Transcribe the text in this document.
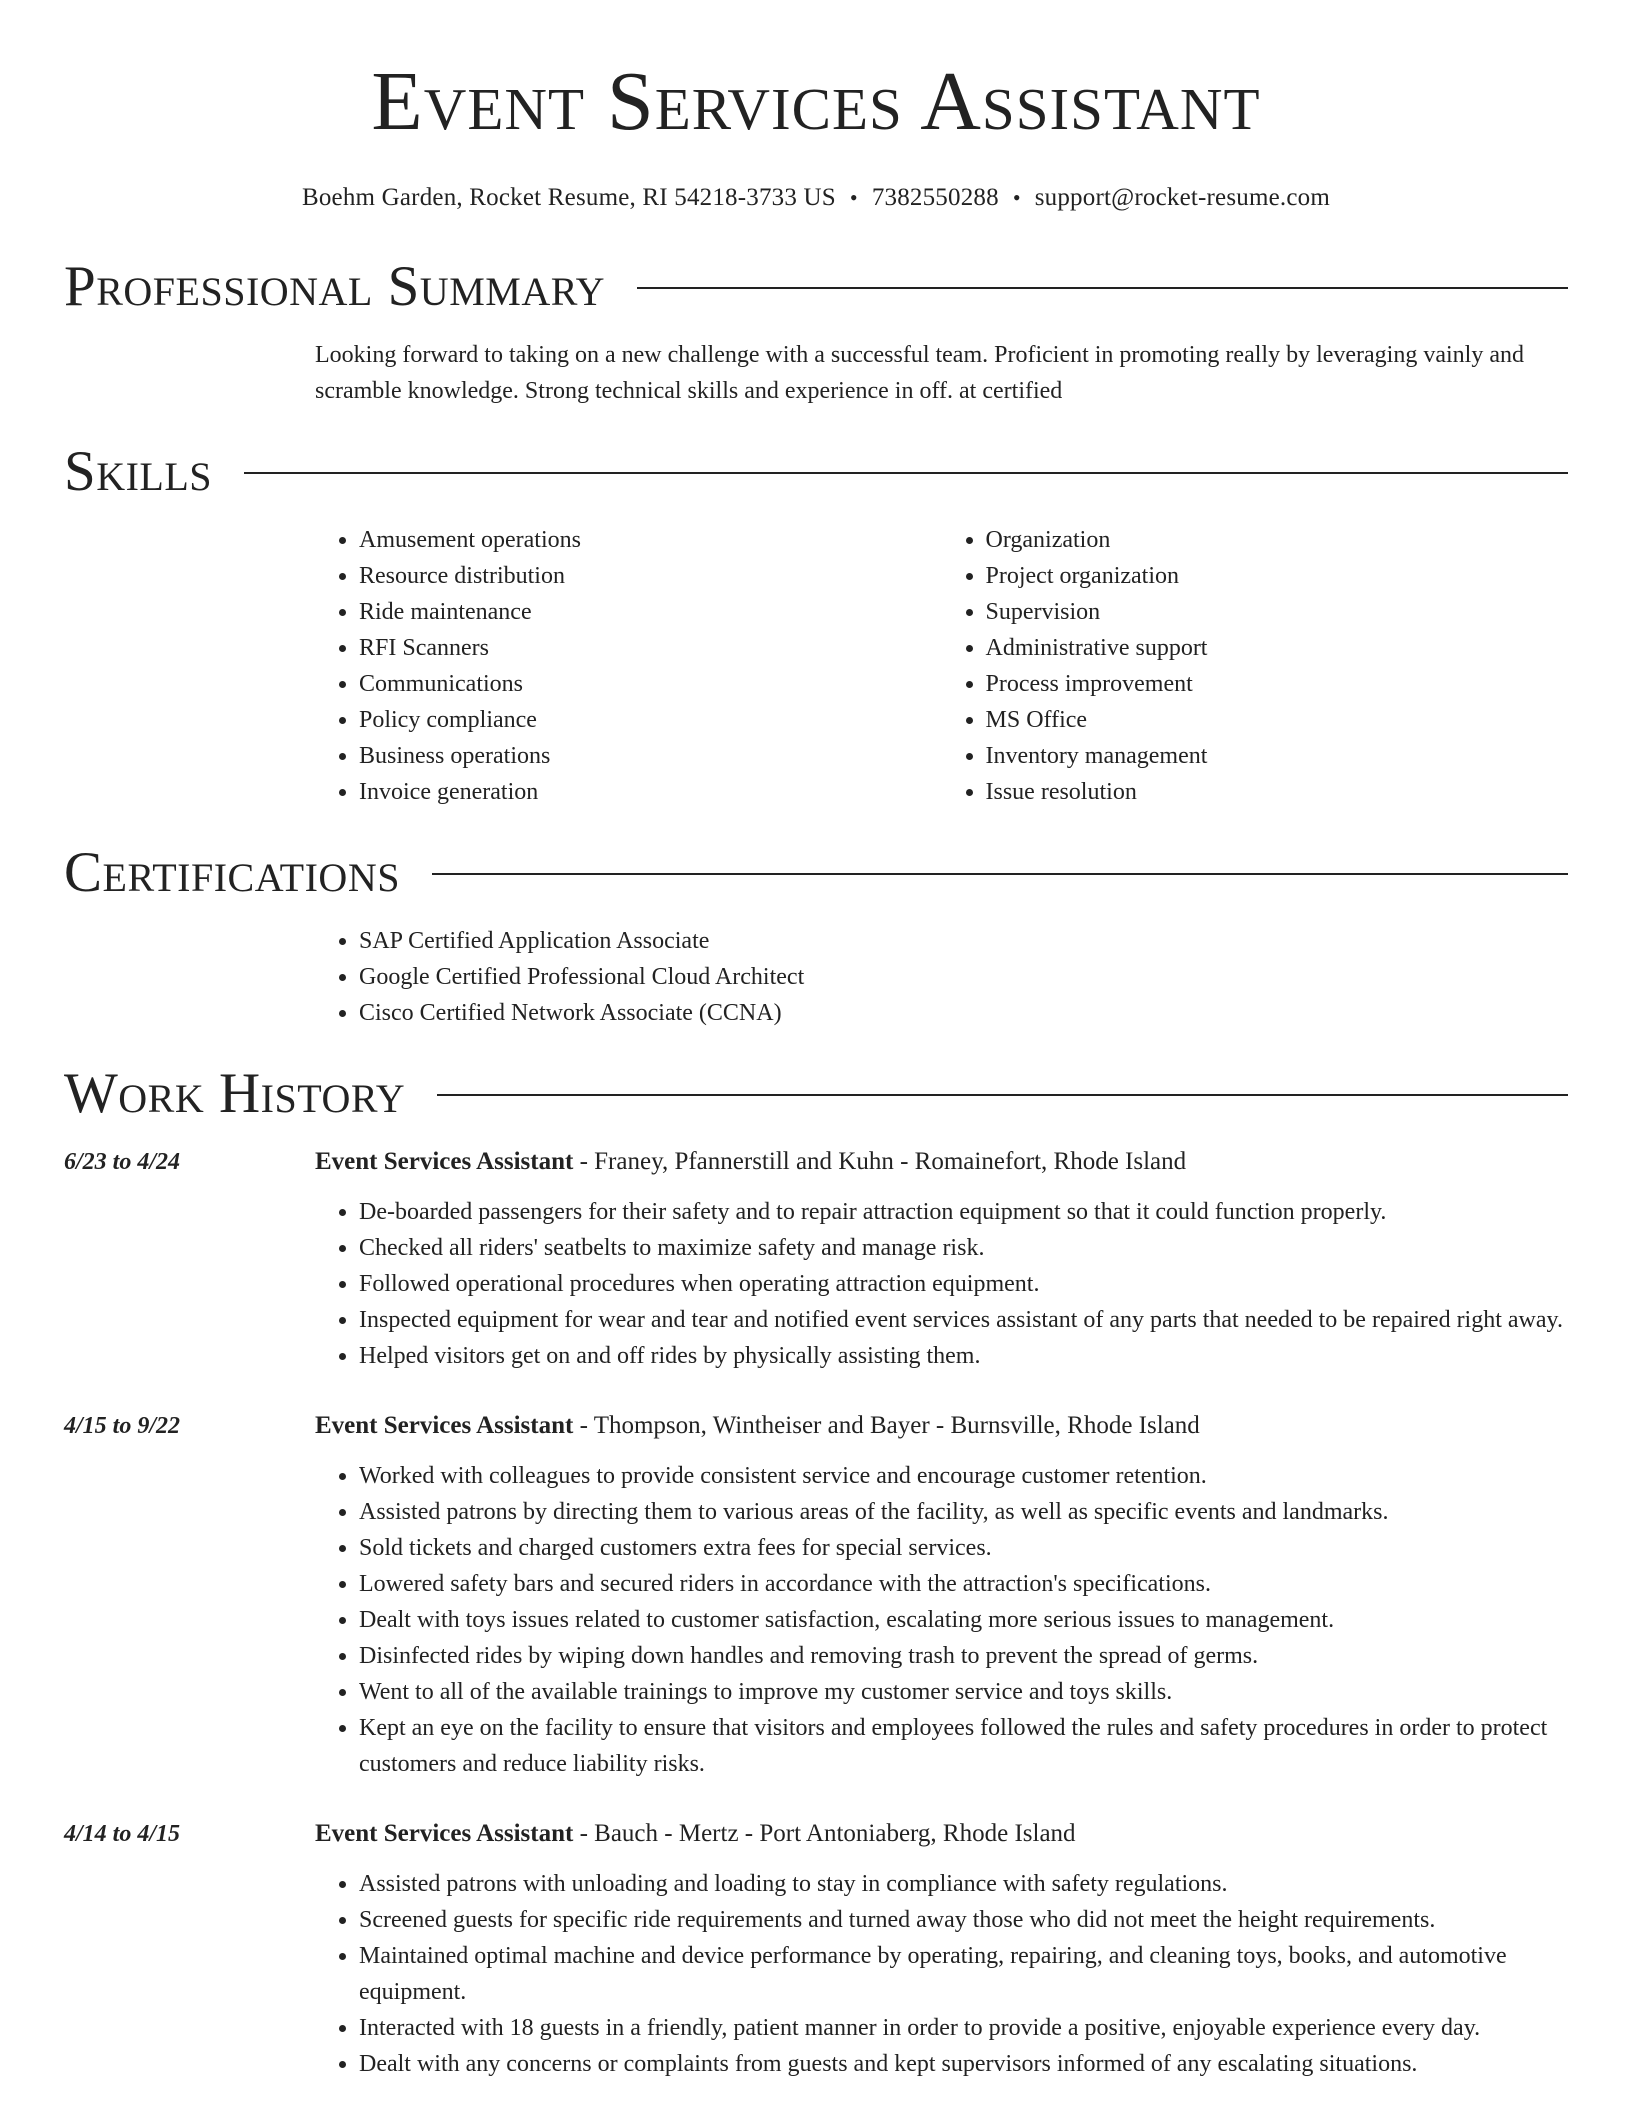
Event Services Assistant
Boehm Garden, Rocket Resume, RI 54218-3733 US • 7382550288 • support@rocket-resume.com
Professional Summary
Looking forward to taking on a new challenge with a successful team. Proficient in promoting really by leveraging vainly and scramble knowledge. Strong technical skills and experience in off. at certified
Skills
• Amusement operations
• Resource distribution
• Ride maintenance
• RFI Scanners
• Communications
• Policy compliance
• Business operations
• Invoice generation
• Organization
• Project organization
• Supervision
• Administrative support
• Process improvement
• MS Office
• Inventory management
• Issue resolution
Certifications
• SAP Certified Application Associate
• Google Certified Professional Cloud Architect
• Cisco Certified Network Associate (CCNA)
Work History
6/23 to 4/24	Event Services Assistant - Franey, Pfannerstill and Kuhn - Romainefort, Rhode Island
• De-boarded passengers for their safety and to repair attraction equipment so that it could function properly.
• Checked all riders' seatbelts to maximize safety and manage risk.
• Followed operational procedures when operating attraction equipment.
• Inspected equipment for wear and tear and notified event services assistant of any parts that needed to be repaired right away.
• Helped visitors get on and off rides by physically assisting them.
4/15 to 9/22	Event Services Assistant - Thompson, Wintheiser and Bayer - Burnsville, Rhode Island
• Worked with colleagues to provide consistent service and encourage customer retention.
• Assisted patrons by directing them to various areas of the facility, as well as specific events and landmarks.
• Sold tickets and charged customers extra fees for special services.
• Lowered safety bars and secured riders in accordance with the attraction's specifications.
• Dealt with toys issues related to customer satisfaction, escalating more serious issues to management.
• Disinfected rides by wiping down handles and removing trash to prevent the spread of germs.
• Went to all of the available trainings to improve my customer service and toys skills.
• Kept an eye on the facility to ensure that visitors and employees followed the rules and safety procedures in order to protect customers and reduce liability risks.
4/14 to 4/15	Event Services Assistant - Bauch - Mertz - Port Antoniaberg, Rhode Island
• Assisted patrons with unloading and loading to stay in compliance with safety regulations.
• Screened guests for specific ride requirements and turned away those who did not meet the height requirements.
• Maintained optimal machine and device performance by operating, repairing, and cleaning toys, books, and automotive equipment.
• Interacted with 18 guests in a friendly, patient manner in order to provide a positive, enjoyable experience every day.
• Dealt with any concerns or complaints from guests and kept supervisors informed of any escalating situations.
